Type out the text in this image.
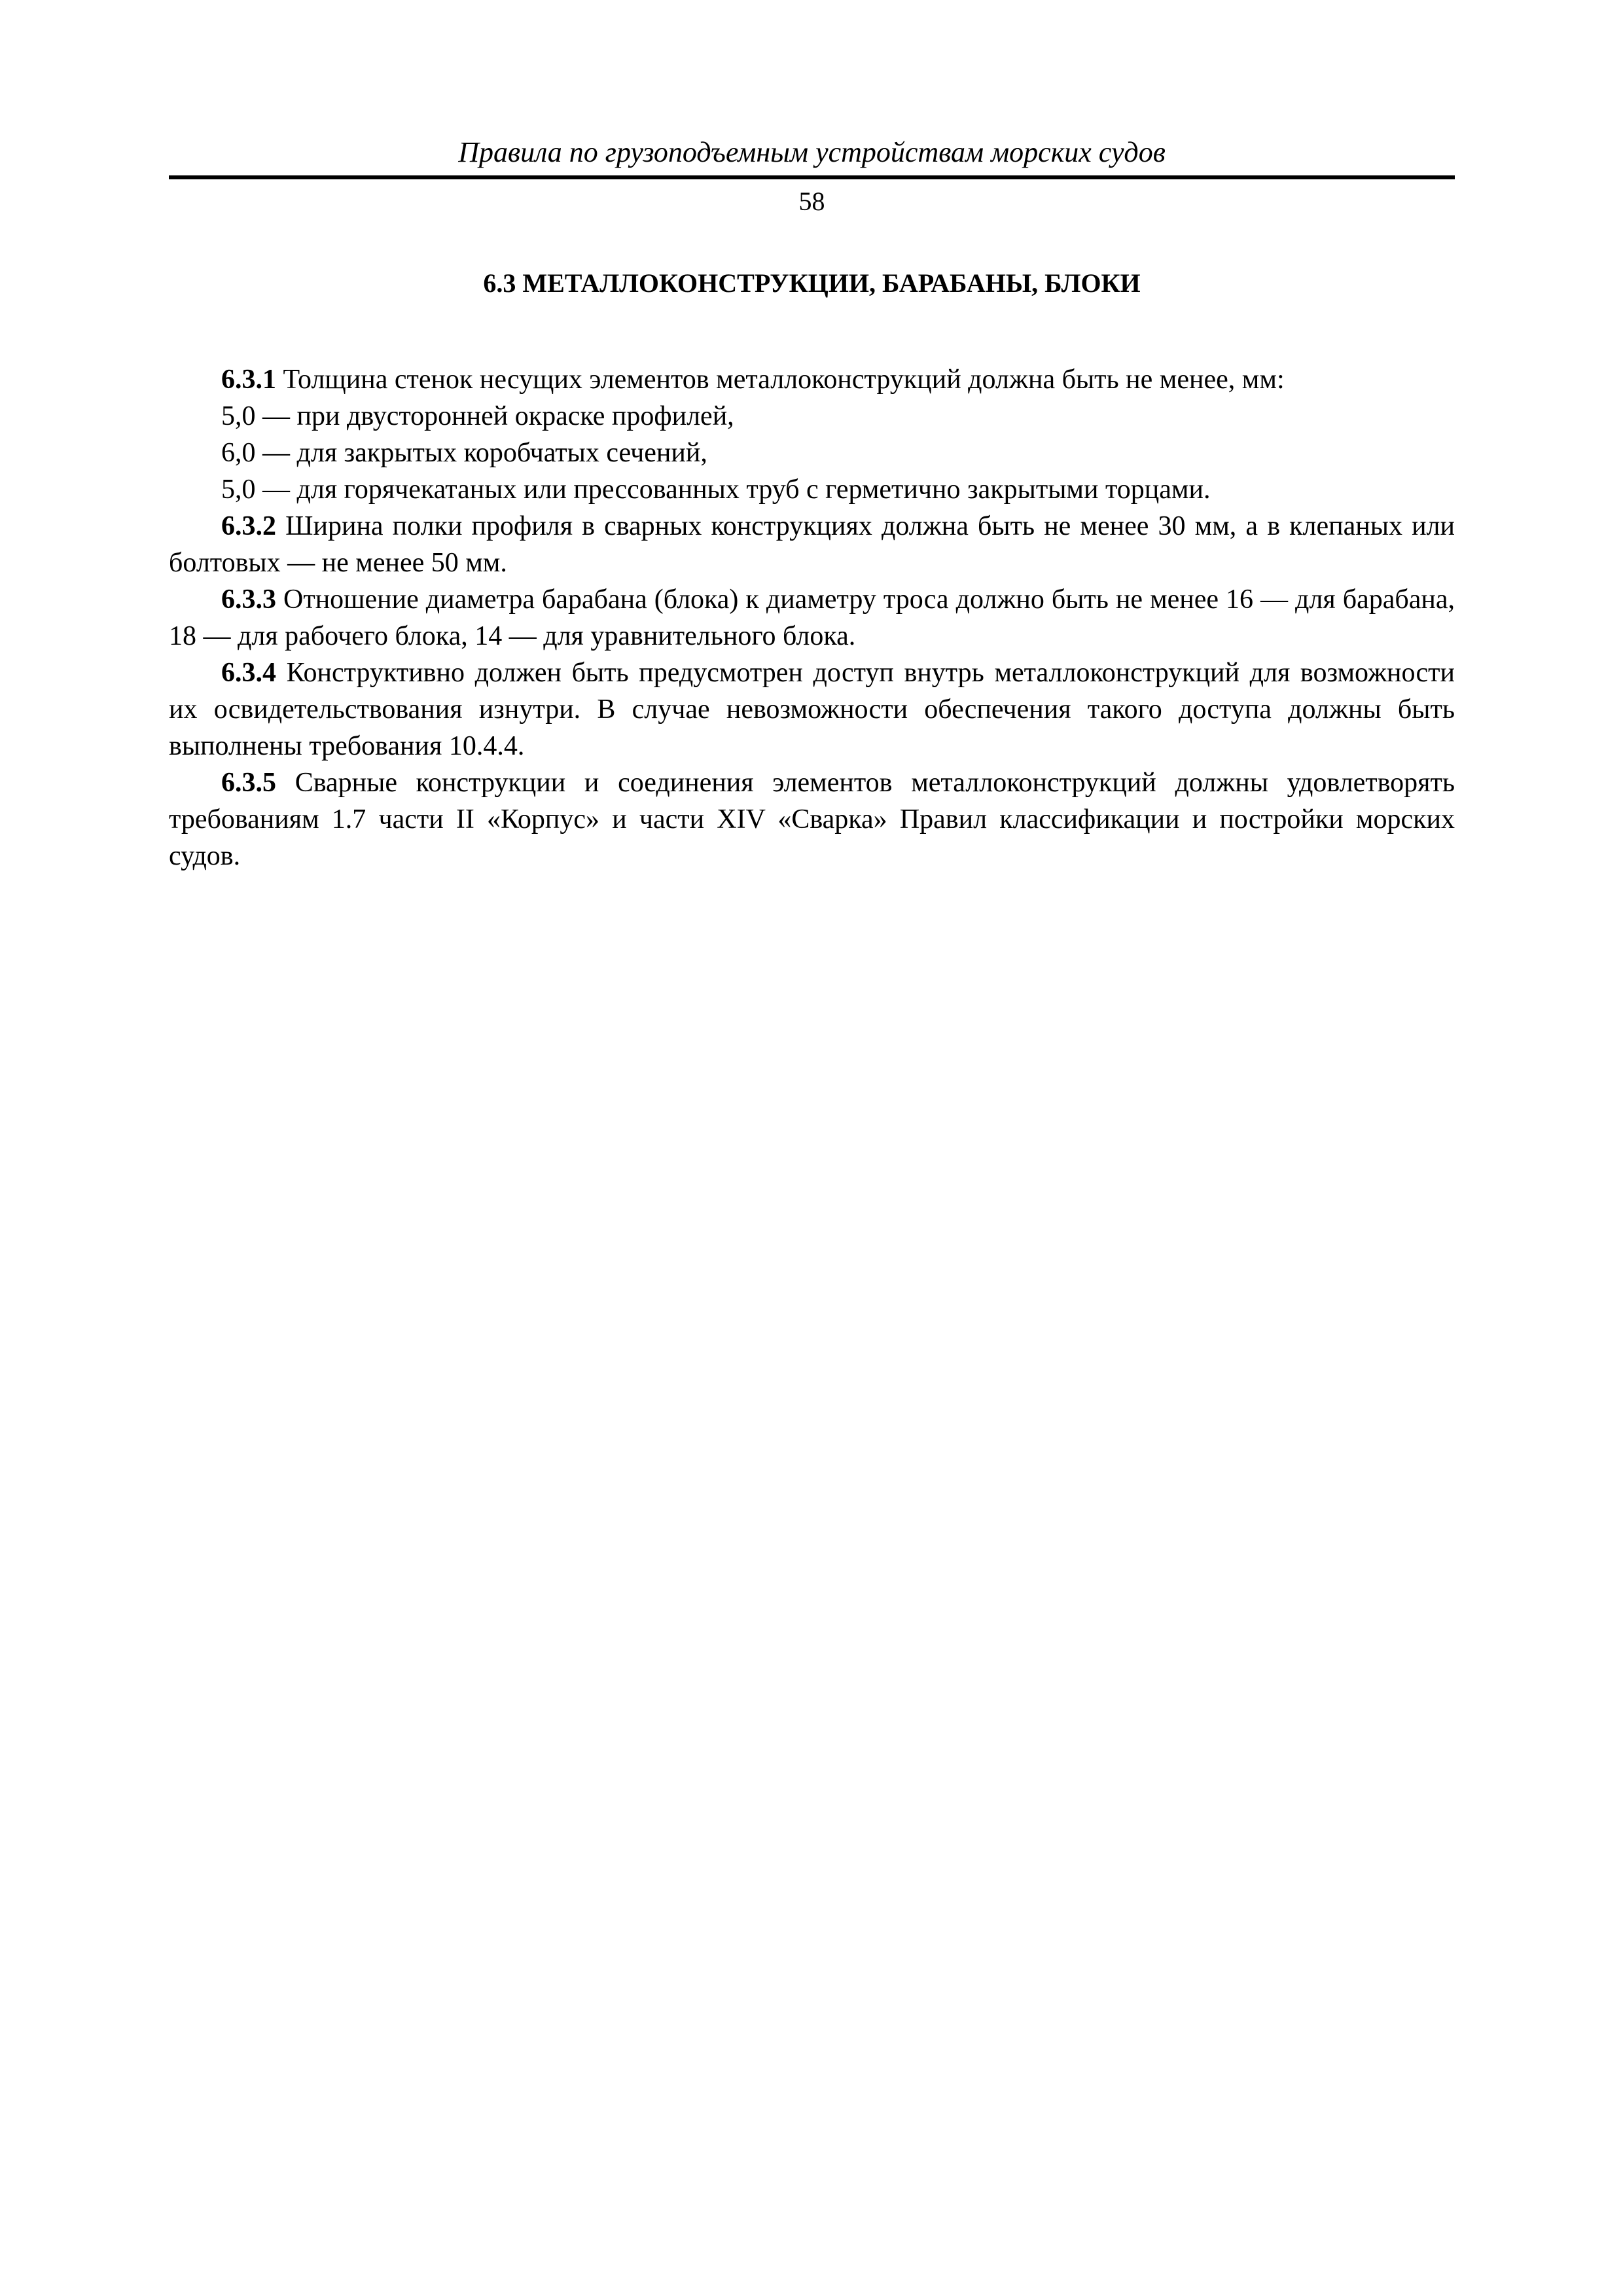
Правила по грузоподъемным устройствам морских судов
58
6.3 МЕТАЛЛОКОНСТРУКЦИИ, БАРАБАНЫ, БЛОКИ

6.3.1 Толщина стенок несущих элементов металлоконструкций должна быть не менее, мм:

5,0 — при двусторонней окраске профилей,

6,0 — для закрытых коробчатых сечений,

5,0 — для горячекатаных или прессованных труб с герметично закрытыми торцами.

6.3.2 Ширина полки профиля в сварных конструкциях должна быть не менее 30 мм, а в клепаных или болтовых — не менее 50 мм.

6.3.3 Отношение диаметра барабана (блока) к диаметру троса должно быть не менее 16 — для барабана, 18 — для рабочего блока, 14 — для уравнительного блока.

6.3.4 Конструктивно должен быть предусмотрен доступ внутрь металлоконструкций для возможности их освидетельствования изнутри. В случае невозможности обеспечения такого доступа должны быть выполнены требования 10.4.4.

6.3.5 Сварные конструкции и соединения элементов металлоконструкций должны удовлетворять требованиям 1.7 части II «Корпус» и части XIV «Сварка» Правил классификации и постройки морских судов.
